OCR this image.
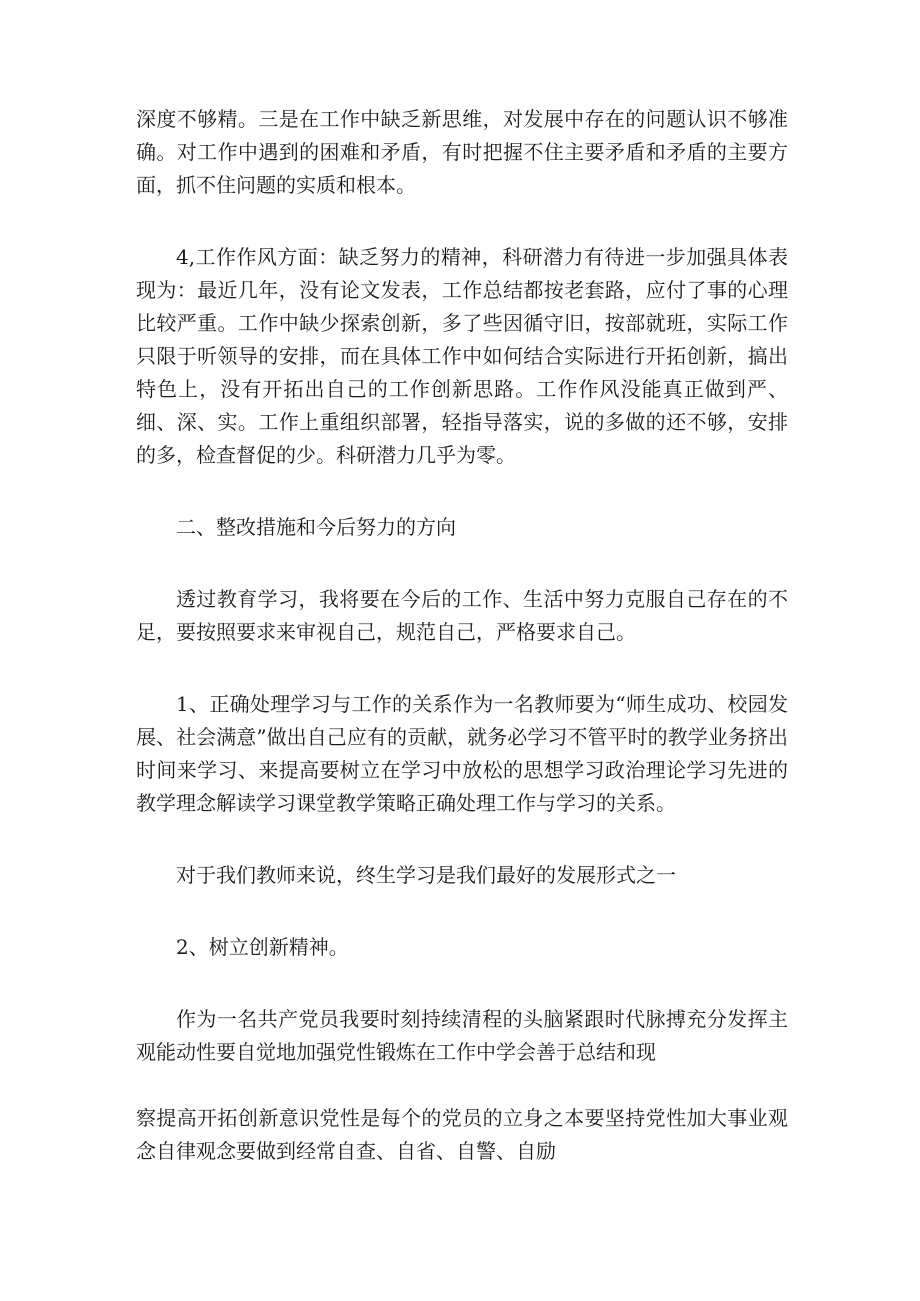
深度不够精。三是在工作中缺乏新思维，对发展中存在的问题认识不够准确。对工作中遇到的困难和矛盾，有时把握不住主要矛盾和矛盾的主要方面，抓不住问题的实质和根本。

4,工作作风方面：缺乏努力的精神，科研潜力有待进一步加强具体表现为：最近几年，没有论文发表，工作总结都按老套路，应付了事的心理比较严重。工作中缺少探索创新，多了些因循守旧，按部就班，实际工作只限于听领导的安排，而在具体工作中如何结合实际进行开拓创新，搞出特色上，没有开拓出自己的工作创新思路。工作作风没能真正做到严、细、深、实。工作上重组织部署，轻指导落实，说的多做的还不够，安排的多，检查督促的少。科研潜力几乎为零。

二、整改措施和今后努力的方向

透过教育学习，我将要在今后的工作、生活中努力克服自己存在的不足，要按照要求来审视自己，规范自己，严格要求自己。

1、正确处理学习与工作的关系作为一名教师要为“师生成功、校园发展、社会满意”做出自己应有的贡献，就务必学习不管平时的教学业务挤出时间来学习、来提高要树立在学习中放松的思想学习政治理论学习先进的教学理念解读学习课堂教学策略正确处理工作与学习的关系。

对于我们教师来说，终生学习是我们最好的发展形式之一

2、树立创新精神。

作为一名共产党员我要时刻持续清程的头脑紧跟时代脉搏充分发挥主观能动性要自觉地加强党性锻炼在工作中学会善于总结和现

察提高开拓创新意识党性是每个的党员的立身之本要坚持党性加大事业观念自律观念要做到经常自查、自省、自警、自励
